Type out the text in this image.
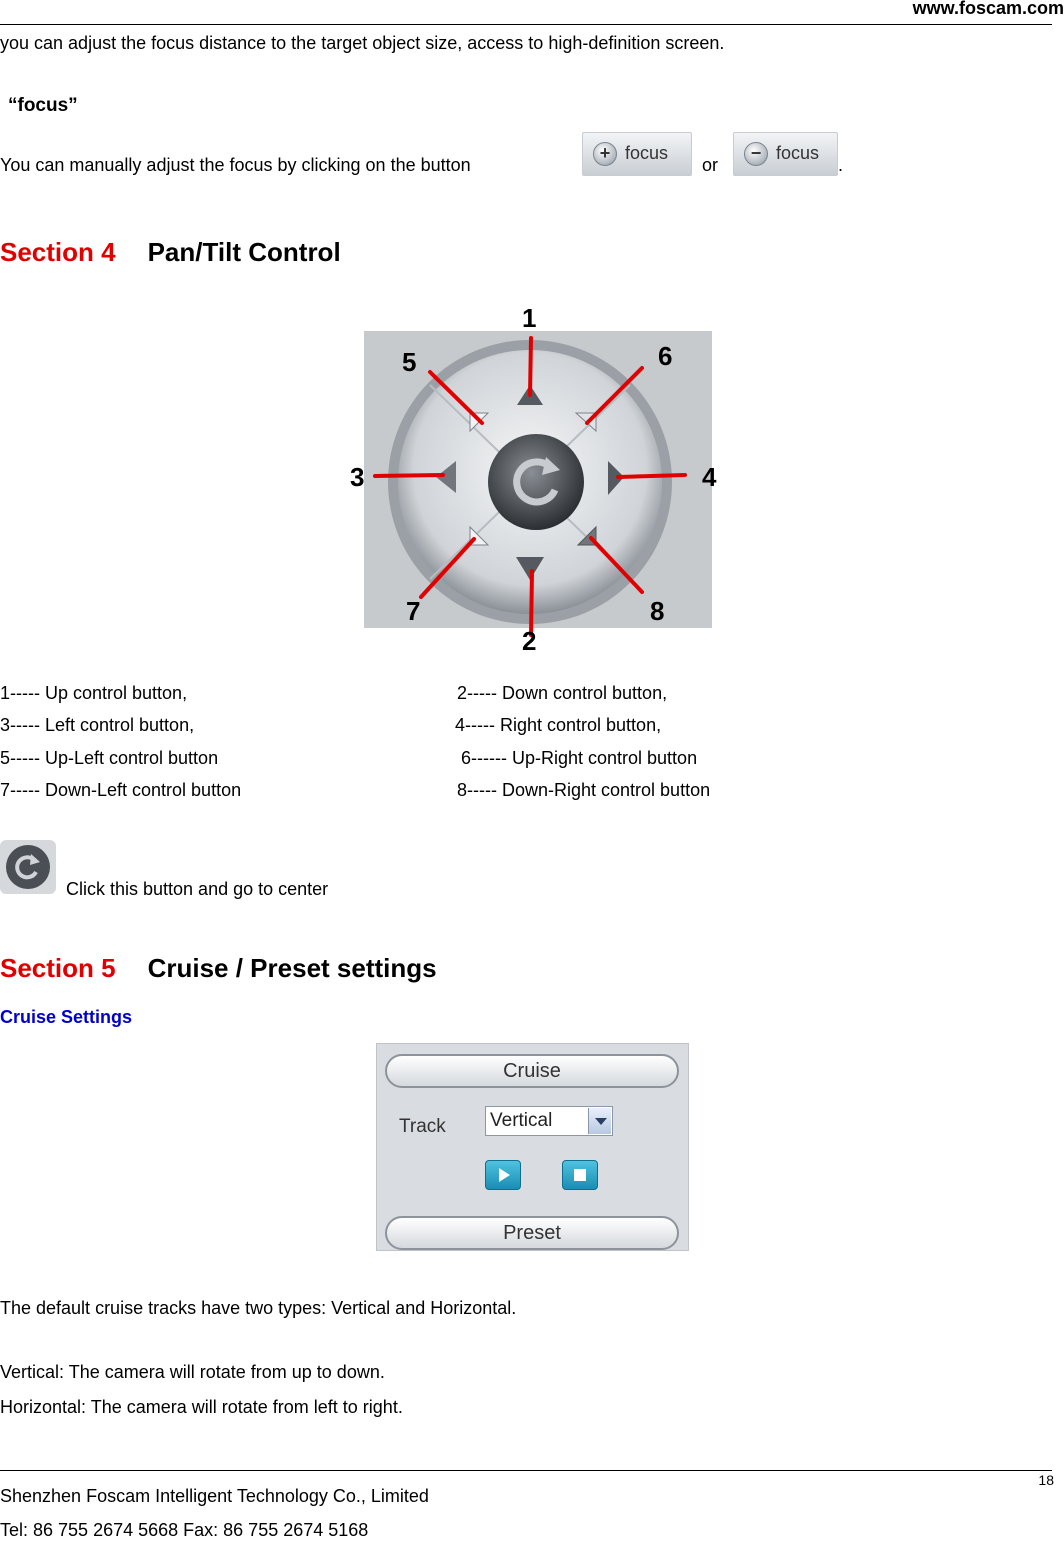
www.foscam.com
you can adjust the focus distance to the target object size, access to high-definition screen.
“focus”
You can manually adjust the focus by clicking on the button
+ focus
or
− focus
.
Section 4 Pan/Tilt Control
1
2
3	4
5	6
7	8
1----- Up control button,	2----- Down control button,
3----- Left control button,	4----- Right control button,
5----- Up-Left control button	6------ Up-Right control button
7----- Down-Left control button	8----- Down-Right control button
Click this button and go to center
Section 5 Cruise / Preset settings
Cruise Settings
Cruise
Track Vertical
Preset
The default cruise tracks have two types: Vertical and Horizontal.
Vertical: The camera will rotate from up to down.
Horizontal: The camera will rotate from left to right.
18
Shenzhen Foscam Intelligent Technology Co., Limited
Tel: 86 755 2674 5668 Fax: 86 755 2674 5168
